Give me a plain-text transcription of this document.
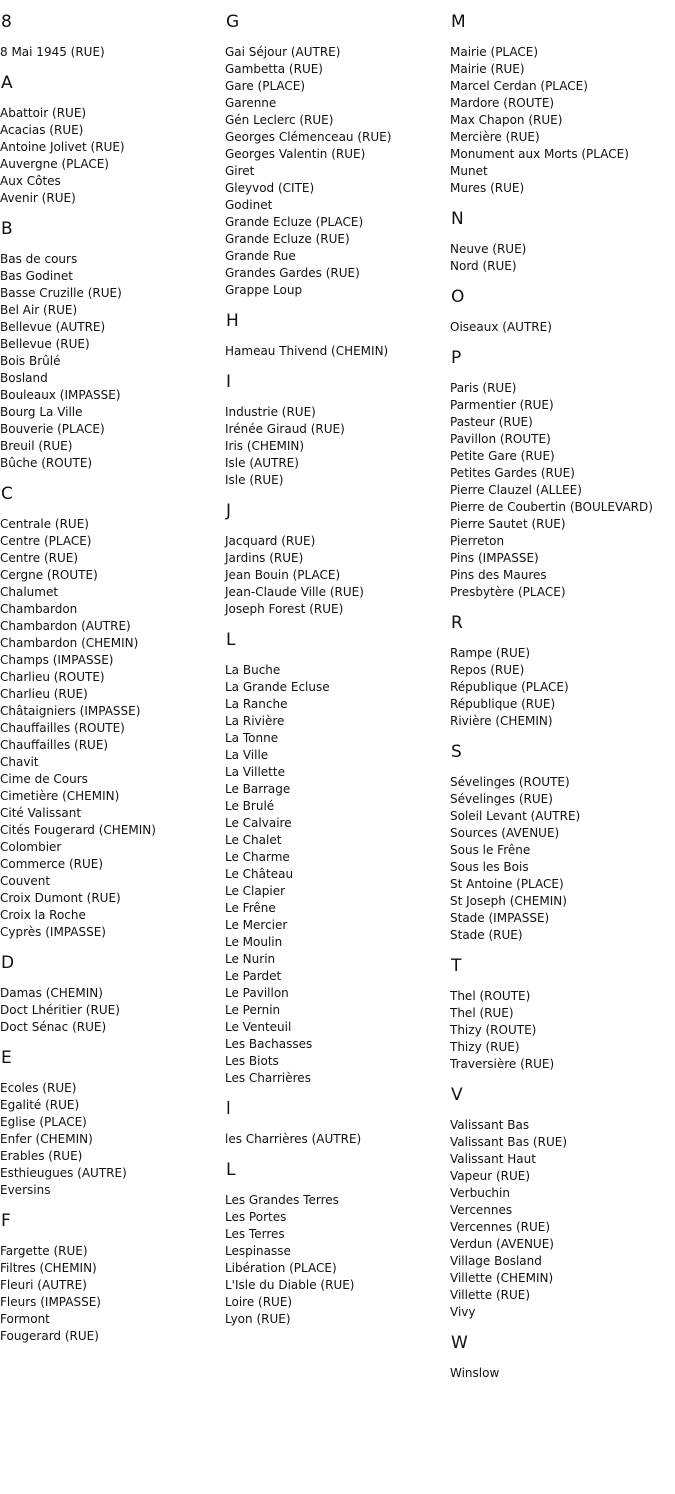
8
8 Mai 1945 (RUE)
A
Abattoir (RUE)
Acacias (RUE)
Antoine Jolivet (RUE)
Auvergne (PLACE)
Aux Côtes
Avenir (RUE)
B
Bas de cours
Bas Godinet
Basse Cruzille (RUE)
Bel Air (RUE)
Bellevue (AUTRE)
Bellevue (RUE)
Bois Brûlé
Bosland
Bouleaux (IMPASSE)
Bourg La Ville
Bouverie (PLACE)
Breuil (RUE)
Bûche (ROUTE)
C
Centrale (RUE)
Centre (PLACE)
Centre (RUE)
Cergne (ROUTE)
Chalumet
Chambardon
Chambardon (AUTRE)
Chambardon (CHEMIN)
Champs (IMPASSE)
Charlieu (ROUTE)
Charlieu (RUE)
Châtaigniers (IMPASSE)
Chauffailles (ROUTE)
Chauffailles (RUE)
Chavit
Cime de Cours
Cimetière (CHEMIN)
Cité Valissant
Cités Fougerard (CHEMIN)
Colombier
Commerce (RUE)
Couvent
Croix Dumont (RUE)
Croix la Roche
Cyprès (IMPASSE)
D
Damas (CHEMIN)
Doct Lhéritier (RUE)
Doct Sénac (RUE)
E
Ecoles (RUE)
Egalité (RUE)
Eglise (PLACE)
Enfer (CHEMIN)
Erables (RUE)
Esthieugues (AUTRE)
Eversins
F
Fargette (RUE)
Filtres (CHEMIN)
Fleuri (AUTRE)
Fleurs (IMPASSE)
Formont
Fougerard (RUE)
G
Gai Séjour (AUTRE)
Gambetta (RUE)
Gare (PLACE)
Garenne
Gén Leclerc (RUE)
Georges Clémenceau (RUE)
Georges Valentin (RUE)
Giret
Gleyvod (CITE)
Godinet
Grande Ecluze (PLACE)
Grande Ecluze (RUE)
Grande Rue
Grandes Gardes (RUE)
Grappe Loup
H
Hameau Thivend (CHEMIN)
I
Industrie (RUE)
Irénée Giraud (RUE)
Iris (CHEMIN)
Isle (AUTRE)
Isle (RUE)
J
Jacquard (RUE)
Jardins (RUE)
Jean Bouin (PLACE)
Jean-Claude Ville (RUE)
Joseph Forest (RUE)
L
La Buche
La Grande Ecluse
La Ranche
La Rivière
La Tonne
La Ville
La Villette
Le Barrage
Le Brulé
Le Calvaire
Le Chalet
Le Charme
Le Château
Le Clapier
Le Frêne
Le Mercier
Le Moulin
Le Nurin
Le Pardet
Le Pavillon
Le Pernin
Le Venteuil
Les Bachasses
Les Biots
Les Charrières
l
les Charrières (AUTRE)
L
Les Grandes Terres
Les Portes
Les Terres
Lespinasse
Libération (PLACE)
L'Isle du Diable (RUE)
Loire (RUE)
Lyon (RUE)
M
Mairie (PLACE)
Mairie (RUE)
Marcel Cerdan (PLACE)
Mardore (ROUTE)
Max Chapon (RUE)
Mercière (RUE)
Monument aux Morts (PLACE)
Munet
Mures (RUE)
N
Neuve (RUE)
Nord (RUE)
O
Oiseaux (AUTRE)
P
Paris (RUE)
Parmentier (RUE)
Pasteur (RUE)
Pavillon (ROUTE)
Petite Gare (RUE)
Petites Gardes (RUE)
Pierre Clauzel (ALLEE)
Pierre de Coubertin (BOULEVARD)
Pierre Sautet (RUE)
Pierreton
Pins (IMPASSE)
Pins des Maures
Presbytère (PLACE)
R
Rampe (RUE)
Repos (RUE)
République (PLACE)
République (RUE)
Rivière (CHEMIN)
S
Sévelinges (ROUTE)
Sévelinges (RUE)
Soleil Levant (AUTRE)
Sources (AVENUE)
Sous le Frêne
Sous les Bois
St Antoine (PLACE)
St Joseph (CHEMIN)
Stade (IMPASSE)
Stade (RUE)
T
Thel (ROUTE)
Thel (RUE)
Thizy (ROUTE)
Thizy (RUE)
Traversière (RUE)
V
Valissant Bas
Valissant Bas (RUE)
Valissant Haut
Vapeur (RUE)
Verbuchin
Vercennes
Vercennes (RUE)
Verdun (AVENUE)
Village Bosland
Villette (CHEMIN)
Villette (RUE)
Vivy
W
Winslow
